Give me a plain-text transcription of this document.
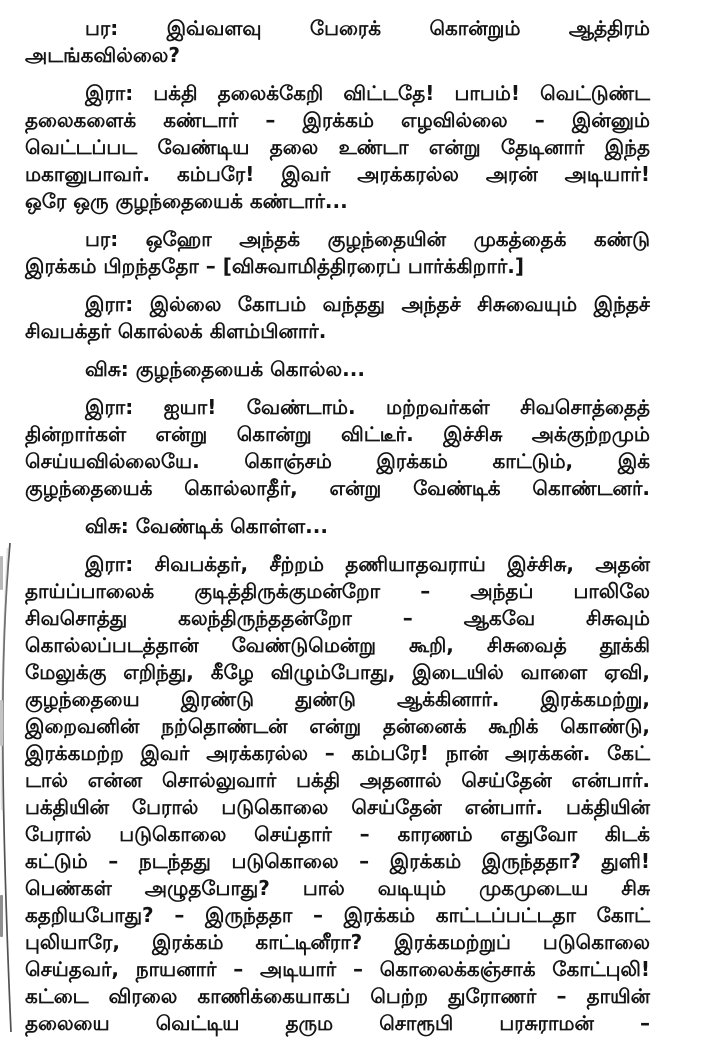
பர: இவ்வளவு பேரைக் கொன்றும் ஆத்திரம்
அடங்கவில்லை?

இரா: பக்தி தலைக்கேறி விட்டதே! பாபம்! வெட்டுண்ட
தலைகளைக் கண்டார் – இரக்கம் எழவில்லை – இன்னும்
வெட்டப்பட வேண்டிய தலை உண்டா என்று தேடினார் இந்த
மகானுபாவர். கம்பரே! இவர் அரக்கரல்ல அரன் அடியார்!
ஒரே ஒரு குழந்தையைக் கண்டார்...

பர: ஒஹோ அந்தக் குழந்தையின் முகத்தைக் கண்டு
இரக்கம் பிறந்ததோ – [விசுவாமித்திரரைப் பார்க்கிறார்.]

இரா: இல்லை கோபம் வந்தது அந்தச் சிசுவையும் இந்தச்
சிவபக்தர் கொல்லக் கிளம்பினார்.

விசு: குழந்தையைக் கொல்ல...

இரா: ஐயா! வேண்டாம். மற்றவர்கள் சிவசொத்தைத்
தின்றார்கள் என்று கொன்று விட்டீர். இச்சிசு அக்குற்றமும்
செய்யவில்லையே. கொஞ்சம் இரக்கம் காட்டும், இக்
குழந்தையைக் கொல்லாதீர், என்று வேண்டிக் கொண்டனர்.

விசு: வேண்டிக் கொள்ள...

இரா: சிவபக்தர், சீற்றம் தணியாதவராய் இச்சிசு, அதன்
தாய்ப்பாலைக் குடித்திருக்குமன்றோ – அந்தப் பாலிலே
சிவசொத்து கலந்திருந்ததன்றோ – ஆகவே சிசுவும்
கொல்லப்படத்தான் வேண்டுமென்று கூறி, சிசுவைத் தூக்கி
மேலுக்கு எறிந்து, கீழே விழும்போது, இடையில் வாளை ஏவி,
குழந்தையை இரண்டு துண்டு ஆக்கினார். இரக்கமற்று,
இறைவனின் நற்தொண்டன் என்று தன்னைக் கூறிக் கொண்டு,
இரக்கமற்ற இவர் அரக்கரல்ல – கம்பரே! நான் அரக்கன். கேட்
டால் என்ன சொல்லுவார் பக்தி அதனால் செய்தேன் என்பார்.
பக்தியின் பேரால் படுகொலை செய்தேன் என்பார். பக்தியின்
பேரால் படுகொலை செய்தார் – காரணம் எதுவோ கிடக்
கட்டும் – நடந்தது படுகொலை – இரக்கம் இருந்ததா? துளி!
பெண்கள் அழுதபோது? பால் வடியும் முகமுடைய சிசு
கதறியபோது? – இருந்ததா – இரக்கம் காட்டப்பட்டதா கோட்
புலியாரே, இரக்கம் காட்டினீரா? இரக்கமற்றுப் படுகொலை
செய்தவர், நாயனார் – அடியார் – கொலைக்கஞ்சாக் கோட்புலி!
கட்டை விரலை காணிக்கையாகப் பெற்ற துரோணர் – தாயின்
தலையை வெட்டிய தரும சொரூபி பரசுராமன் –
